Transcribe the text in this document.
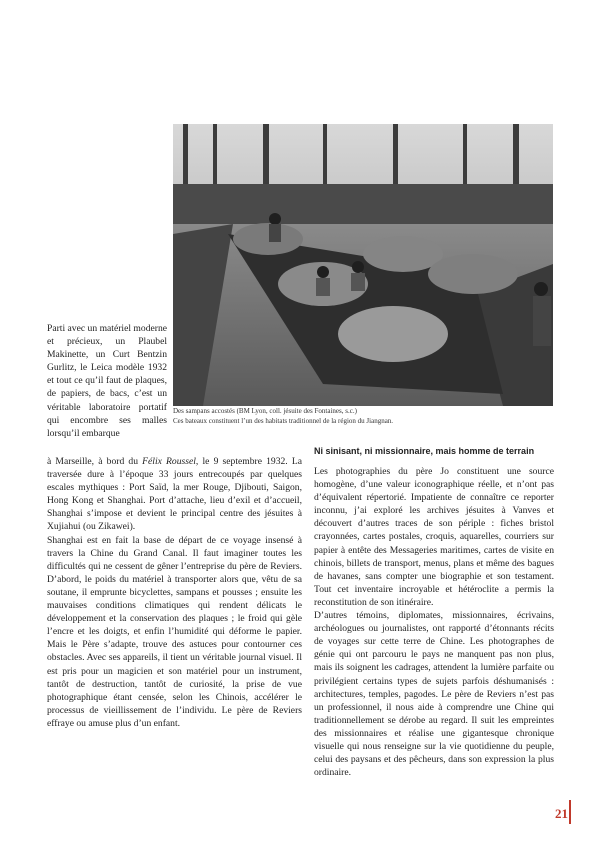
Des sampans accostés (BM Lyon, coll. jésuite des Fontaines, s.c.)
Ces bateaux constituent l’un des habitats traditionnel de la région du Jiangnan.

Parti avec un matériel moderne et précieux, un Plaubel Makinette, un Curt Bentzin Gurlitz, le Leica modèle 1932 et tout ce qu’il faut de plaques, de papiers, de bacs, c’est un véritable laboratoire portatif qui encombre ses malles lorsqu’il embarque

à Marseille, à bord du Félix Roussel, le 9 septembre 1932. La traversée dure à l’époque 33 jours entrecoupés par quelques escales mythiques : Port Saïd, la mer Rouge, Djibouti, Saigon, Hong Kong et Shanghai. Port d’attache, lieu d’exil et d’accueil, Shanghai s’impose et devient le principal centre des jésuites à Xujiahui (ou Zikawei).

Shanghai est en fait la base de départ de ce voyage insensé à travers la Chine du Grand Canal. Il faut imaginer toutes les difficultés qui ne cessent de gêner l’entreprise du père de Reviers. D’abord, le poids du matériel à transporter alors que, vêtu de sa soutane, il emprunte bicyclettes, sampans et pousses ; ensuite les mauvaises conditions climatiques qui rendent délicats le développement et la conservation des plaques ; le froid qui gèle l’encre et les doigts, et enfin l’humidité qui déforme le papier. Mais le Père s’adapte, trouve des astuces pour contourner ces obstacles. Avec ses appareils, il tient un véritable journal visuel. Il est pris pour un magicien et son matériel pour un instrument, tantôt de destruction, tantôt de curiosité, la prise de vue photographique étant censée, selon les Chinois, accélérer le processus de vieillissement de l’individu. Le père de Reviers effraye ou amuse plus d’un enfant.

Ni sinisant, ni missionnaire, mais homme de terrain

Les photographies du père Jo constituent une source homogène, d’une valeur iconographique réelle, et n’ont pas d’équivalent répertorié. Impatiente de connaître ce reporter inconnu, j’ai exploré les archives jésuites à Vanves et découvert d’autres traces de son périple : fiches bristol crayonnées, cartes postales, croquis, aquarelles, courriers sur papier à entête des Messageries maritimes, cartes de visite en chinois, billets de transport, menus, plans et même des bagues de havanes, sans compter une biographie et son testament. Tout cet inventaire incroyable et hétéroclite a permis la reconstitution de son itinéraire.

D’autres témoins, diplomates, missionnaires, écrivains, archéologues ou journalistes, ont rapporté d’étonnants récits de voyages sur cette terre de Chine. Les photographes de génie qui ont parcouru le pays ne manquent pas non plus, mais ils soignent les cadrages, attendent la lumière parfaite ou privilégient certains types de sujets parfois déshumanisés : architectures, temples, pagodes. Le père de Reviers n’est pas un professionnel, il nous aide à comprendre une Chine qui traditionnellement se dérobe au regard. Il suit les empreintes des missionnaires et réalise une gigantesque chronique visuelle qui nous renseigne sur la vie quotidienne du peuple, celui des paysans et des pêcheurs, dans son expression la plus ordinaire.

21
